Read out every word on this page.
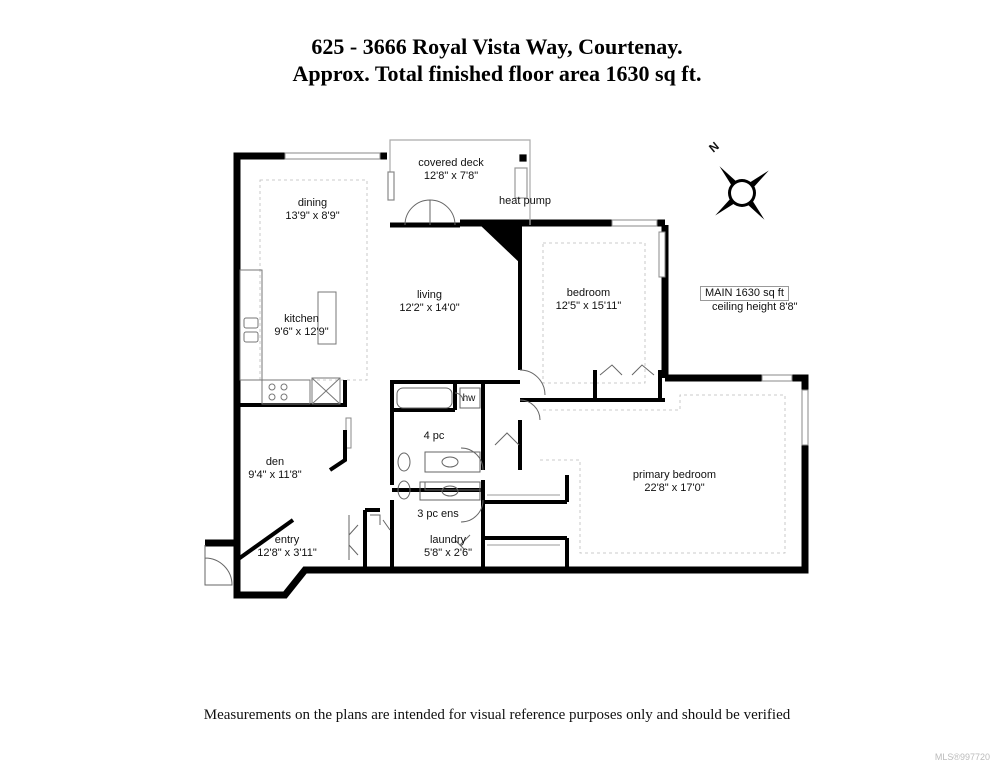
625 - 3666 Royal Vista Way, Courtenay.
Approx. Total finished floor area 1630 sq ft.
N
covered deck
12'8" x 7'8"
heat pump
dining
13'9" x 8'9"
living
12'2" x 14'0"
kitchen
9'6" x 12'9"
bedroom
12'5" x 15'11"
MAIN 1630 sq ft
ceiling height 8'8"
hw
4 pc
den
9'4" x 11'8"	primary bedroom
22'8" x 17'0"
3 pc ens
entry
12'8" x 3'11"
laundry
5'8" x 2'6"
Measurements on the plans are intended for visual reference purposes only and should be verified
MLS®997720
